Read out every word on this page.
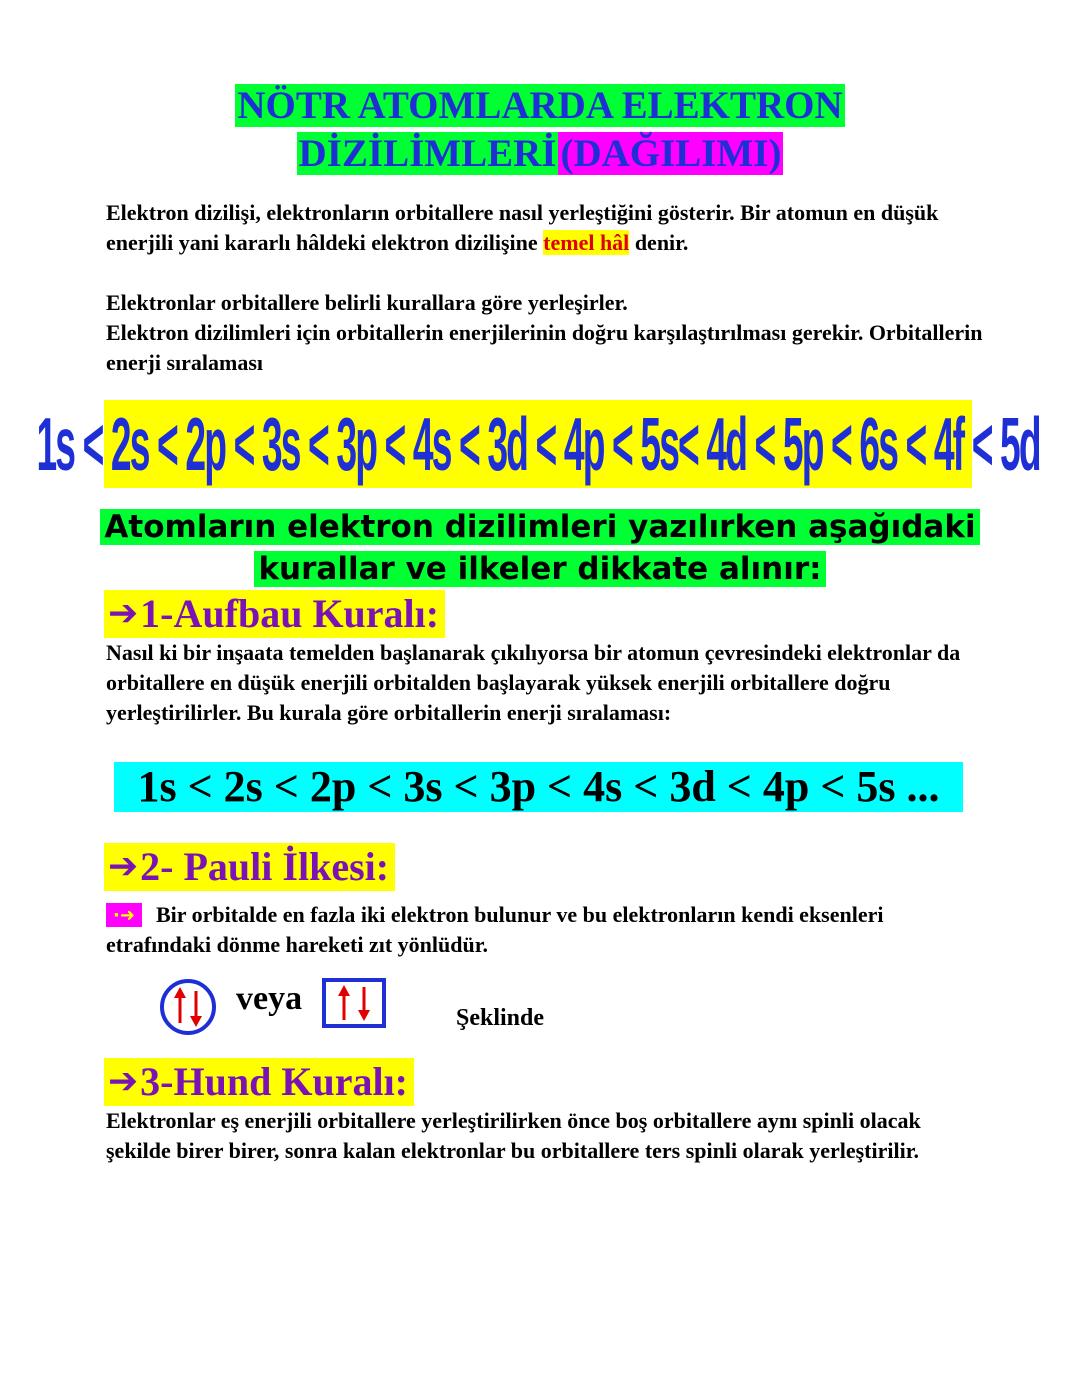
NÖTR ATOMLARDA ELEKTRON
DİZİLİMLERİ (DAĞILIMI)

Elektron dizilişi, elektronların orbitallere nasıl yerleştiğini gösterir. Bir atomun en düşük enerjili yani kararlı hâldeki elektron dizilişine temel hâl denir.

Elektronlar orbitallere belirli kurallara göre yerleşirler.

Elektron dizilimleri için orbitallerin enerjilerinin doğru karşılaştırılması gerekir. Orbitallerin enerji sıralaması

1s < 2s < 2p < 3s < 3p < 4s < 3d < 4p < 5s< 4d < 5p < 6s < 4f < 5d
Atomların elektron dizilimleri yazılırken aşağıdaki
kurallar ve ilkeler dikkate alınır:
➔ 1-Aufbau Kuralı:

Nasıl ki bir inşaata temelden başlanarak çıkılıyorsa bir atomun çevresindeki elektronlar da orbitallere en düşük enerjili orbitalden başlayarak yüksek enerjili orbitallere doğru yerleştirilirler. Bu kurala göre orbitallerin enerji sıralaması:

1s < 2s < 2p < 3s < 3p < 4s < 3d < 4p < 5s ...
➔ 2- Pauli İlkesi:
·➜ Bir orbitalde en fazla iki elektron bulunur ve bu elektronların kendi eksenleri etrafındaki dönme hareketi zıt yönlüdür.

veya
Şeklinde
➔ 3-Hund Kuralı:

Elektronlar eş enerjili orbitallere yerleştirilirken önce boş orbitallere aynı spinli olacak şekilde birer birer, sonra kalan elektronlar bu orbitallere ters spinli olarak yerleştirilir.
